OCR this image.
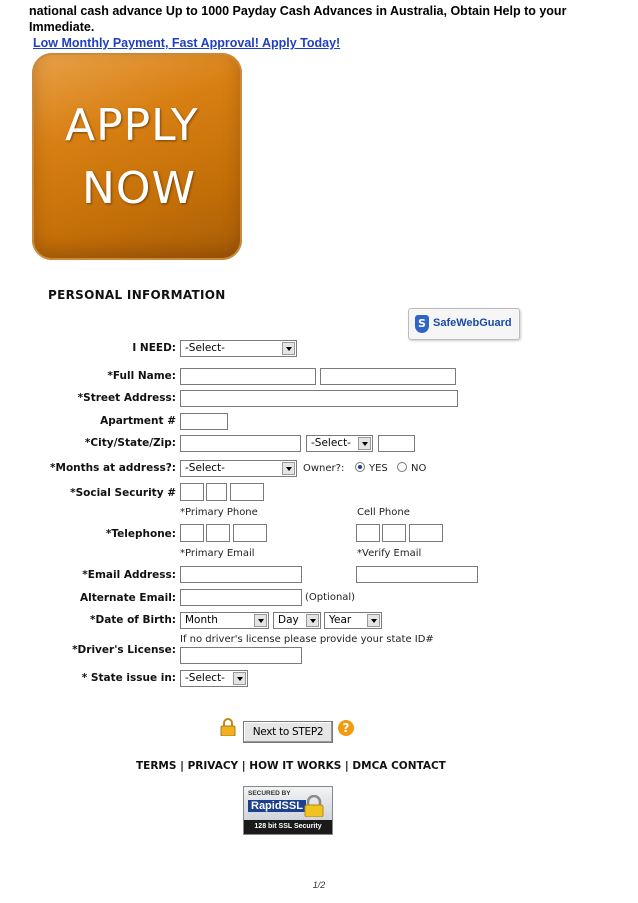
national cash advance Up to 1000 Payday Cash Advances in Australia, Obtain Help to your Immediate.
Low Monthly Payment, Fast Approval! Apply Today!
APPLY
NOW
PERSONAL INFORMATION
S SafeWebGuard
I NEED: -Select-
*Full Name:
*Street Address:
Apartment #
*City/State/Zip:	-Select-
*Months at address?: -Select-	Owner?: YES NO
*Social Security #
*Primary Phone	Cell Phone
*Telephone:
*Primary Email	*Verify Email
*Email Address:
Alternate Email:	(Optional)
*Date of Birth: Month	Day	Year
If no driver's license please provide your state ID#
*Driver's License:
* State issue in: -Select-
Next to STEP2	?
TERMS | PRIVACY | HOW IT WORKS | DMCA CONTACT
SECURED BY
RapidSSL
128 bit SSL Security
1/2
